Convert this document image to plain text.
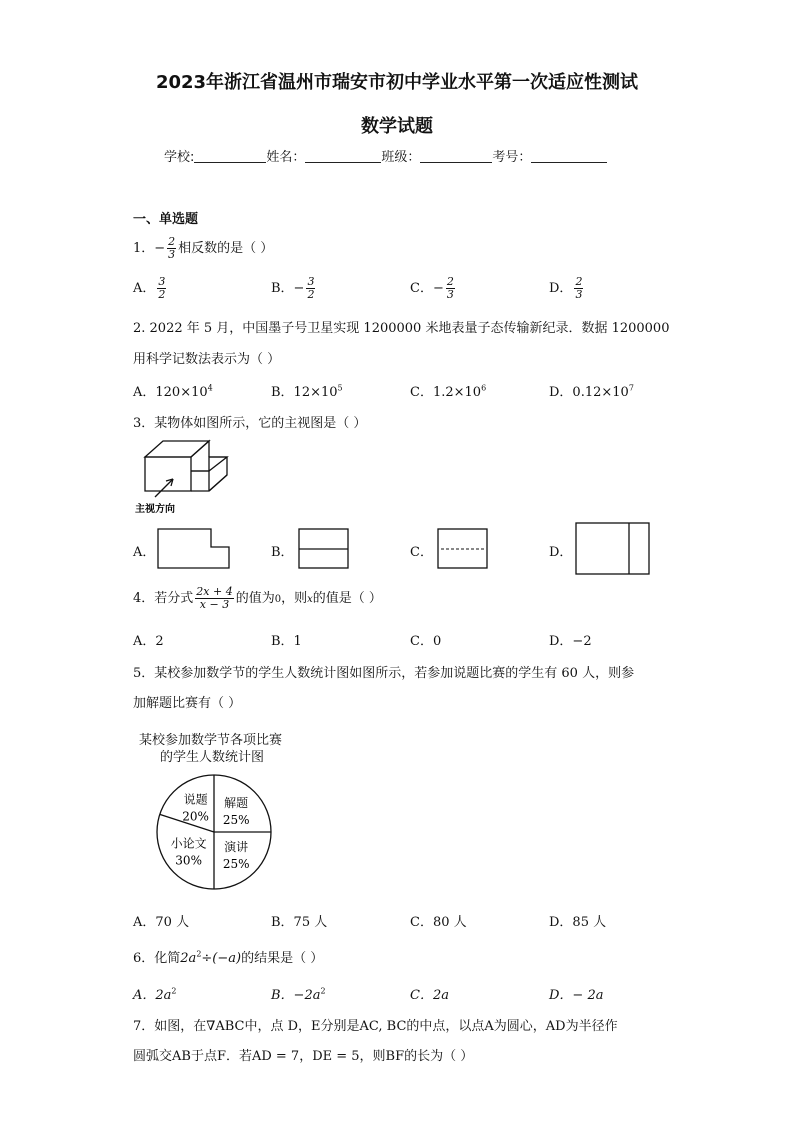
2023年浙江省温州市瑞安市初中学业水平第一次适应性测试
数学试题
学校:	姓名：	班级：	考号：
一、单选题
1．− $\frac{2}{3}$ 相反数的是（ ）
A． $\frac{3}{2}$	B．− $\frac{3}{2}$	C．− $\frac{2}{3}$	D． $\frac{2}{3}$
2. 2022 年 5 月，中国墨子号卫星实现 1200000 米地表量子态传输新纪录．数据 1200000
用科学记数法表示为（ ）
A．$120\times 10^4$	B．$12\times 10^5$	C．$1.2\times 10^6$	D．$0.12\times 10^7$
3．某物体如图所示，它的主视图是（ ）
主视方向
A．	B．	C．	D．
4．若分式 $\frac{2x + 4}{x - 3}$ 的值为0，则x的值是（ ）
A．2	B．1	C．0	D．−2
5．某校参加数学节的学生人数统计图如图所示，若参加说题比赛的学生有 60 人，则参
加解题比赛有（ ）
某校参加数学节各项比赛
的学生人数统计图
解题
25%
演讲
25%
小论文
30%
说题
20%
A．70 人	B．75 人	C．80 人	D．85 人
6．化简$2a^2\div(-a)$的结果是（ ）
A．$2a^2$	B．$-2a^2$	C．2a	D．− 2a
7．如图，在∇ABC中，点 D，E分别是AC, BC的中点，以点A为圆心，AD为半径作
圆弧交AB于点F．若AD = 7，DE = 5，则BF的长为（ ）
